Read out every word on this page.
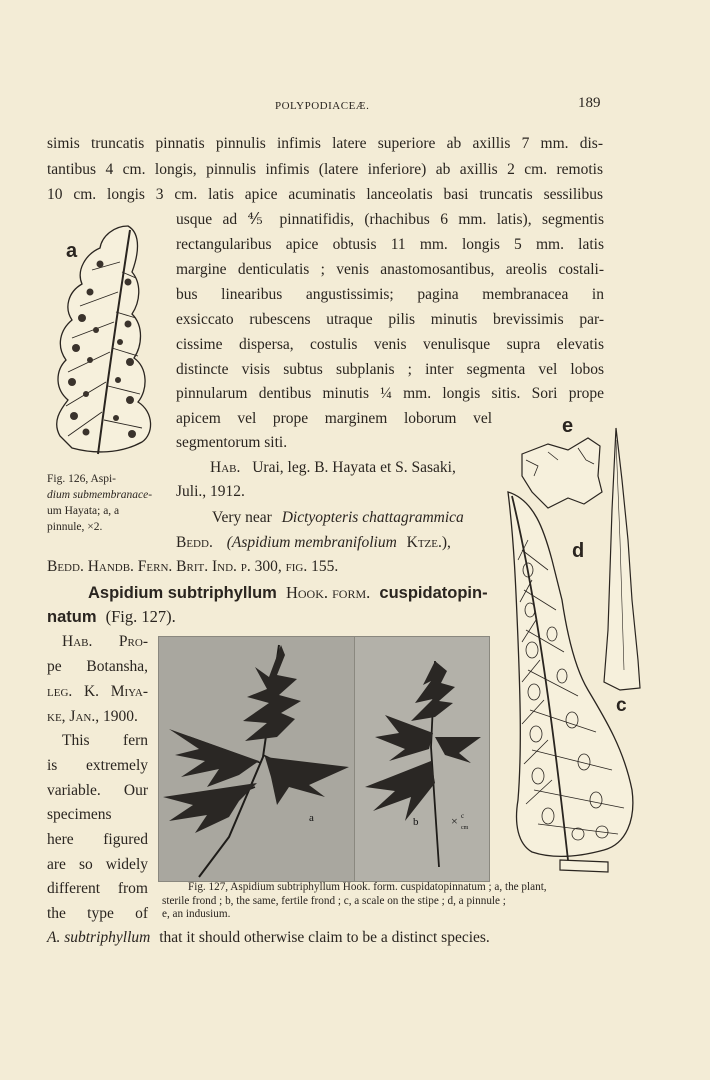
POLYPODIACEÆ.	189
simis truncatis pinnatis pinnulis infimis latere superiore ab axillis 7 mm. dis-
tantibus 4 cm. longis, pinnulis infimis (latere inferiore) ab axillis 2 cm. remotis
10 cm. longis 3 cm. latis apice acuminatis lanceolatis basi truncatis sessilibus
usque ad ⅘ pinnatifidis, (rhachibus 6 mm. latis), segmentis
rectangularibus apice obtusis 11 mm. longis 5 mm. latis
margine denticulatis ; venis anastomosantibus, areolis costali-
bus linearibus angustissimis; pagina membranacea in
exsiccato rubescens utraque pilis minutis brevissimis par-
cissime dispersa, costulis venis venulisque supra elevatis
distincte visis subtus subplanis ; inter segmenta vel lobos
pinnularum dentibus minutis ¼ mm. longis sitis. Sori prope
apicem vel prope marginem loborum vel
segmentorum siti.
Hab. Urai, leg. B. Hayata et S. Sasaki,
Juli., 1912.
Very near Dictyopteris chattagrammica
Bedd. (Aspidium membranifolium Ktze.),
Bedd. Handb. Fern. Brit. Ind. p. 300, fig. 155.
Aspidium subtriphyllum Hook. form. cuspidatopin-
natum (Fig. 127).
Hab. Pro-
pe Botansha,
leg. K. Miya-
ke, Jan., 1900.
This fern
is extremely
variable. Our
specimens
here figured
are so widely
different from
the type of
A. subtriphyllum that it should otherwise claim to be a distinct species.
a
Fig. 126, Aspi-
dium submembranace-
um Hayata; a, a
pinnule, ×2.
a	b	× c
cm
e
d
c
Fig. 127, Aspidium subtriphyllum Hook. form. cuspidatopinnatum ; a, the plant,
sterile frond ; b, the same, fertile frond ; c, a scale on the stipe ; d, a pinnule ;
e, an indusium.
